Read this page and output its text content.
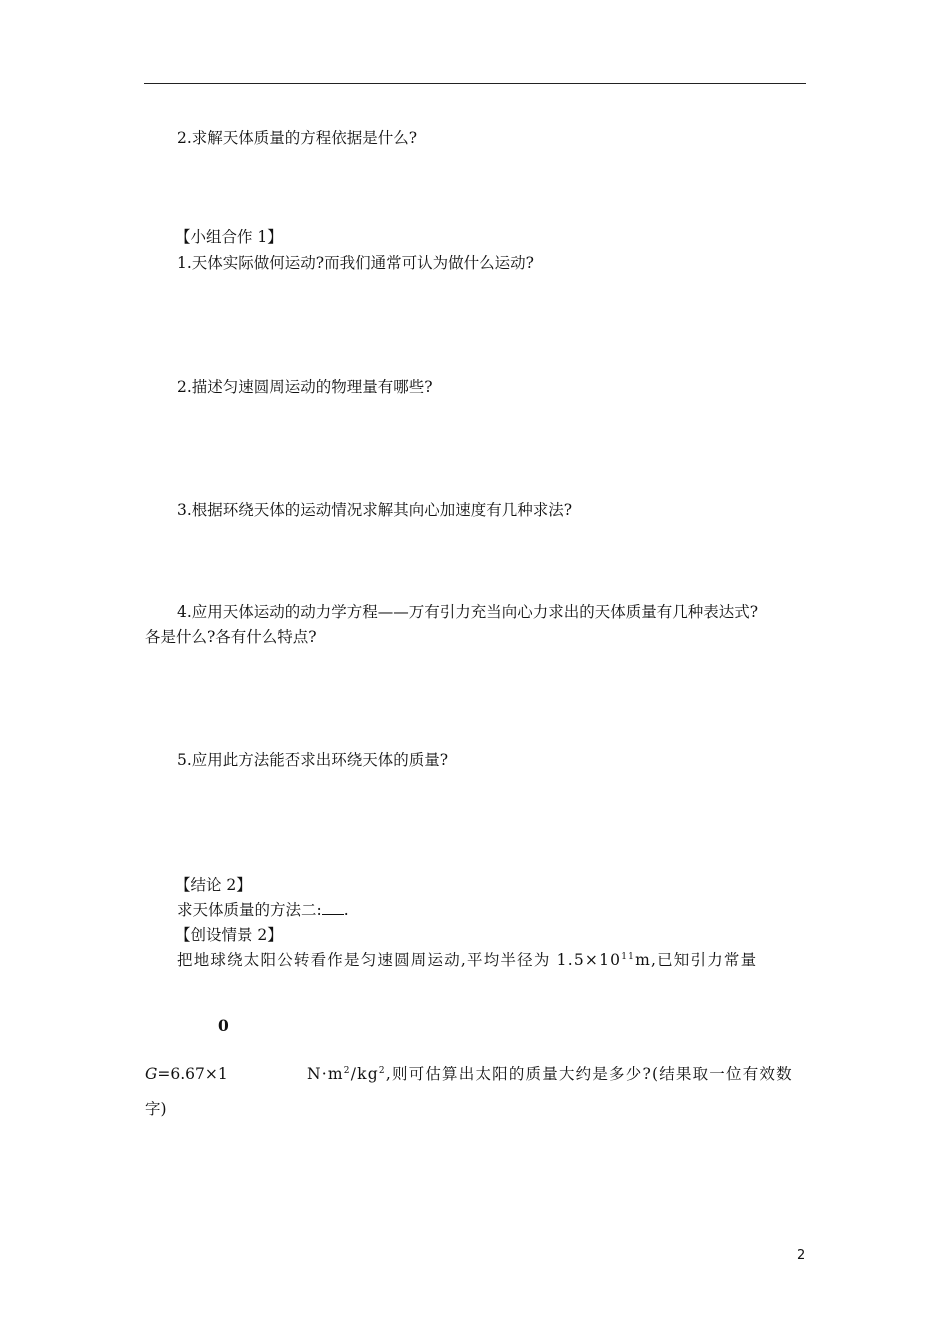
2.求解天体质量的方程依据是什么?
【小组合作 1】
1.天体实际做何运动?而我们通常可认为做什么运动?
2.描述匀速圆周运动的物理量有哪些?
3.根据环绕天体的运动情况求解其向心加速度有几种求法?
4.应用天体运动的动力学方程——万有引力充当向心力求出的天体质量有几种表达式?
各是什么?各有什么特点?
5.应用此方法能否求出环绕天体的质量?
【结论 2】
求天体质量的方法二: .
【创设情景 2】
把地球绕太阳公转看作是匀速圆周运动,平均半径为 $1.5\times 10^{11}m$,已知引力常量
0
G=6.67×1	$N\cdot m^2/kg^2$,则可估算出太阳的质量大约是多少?(结果取一位有效数
字)
2
